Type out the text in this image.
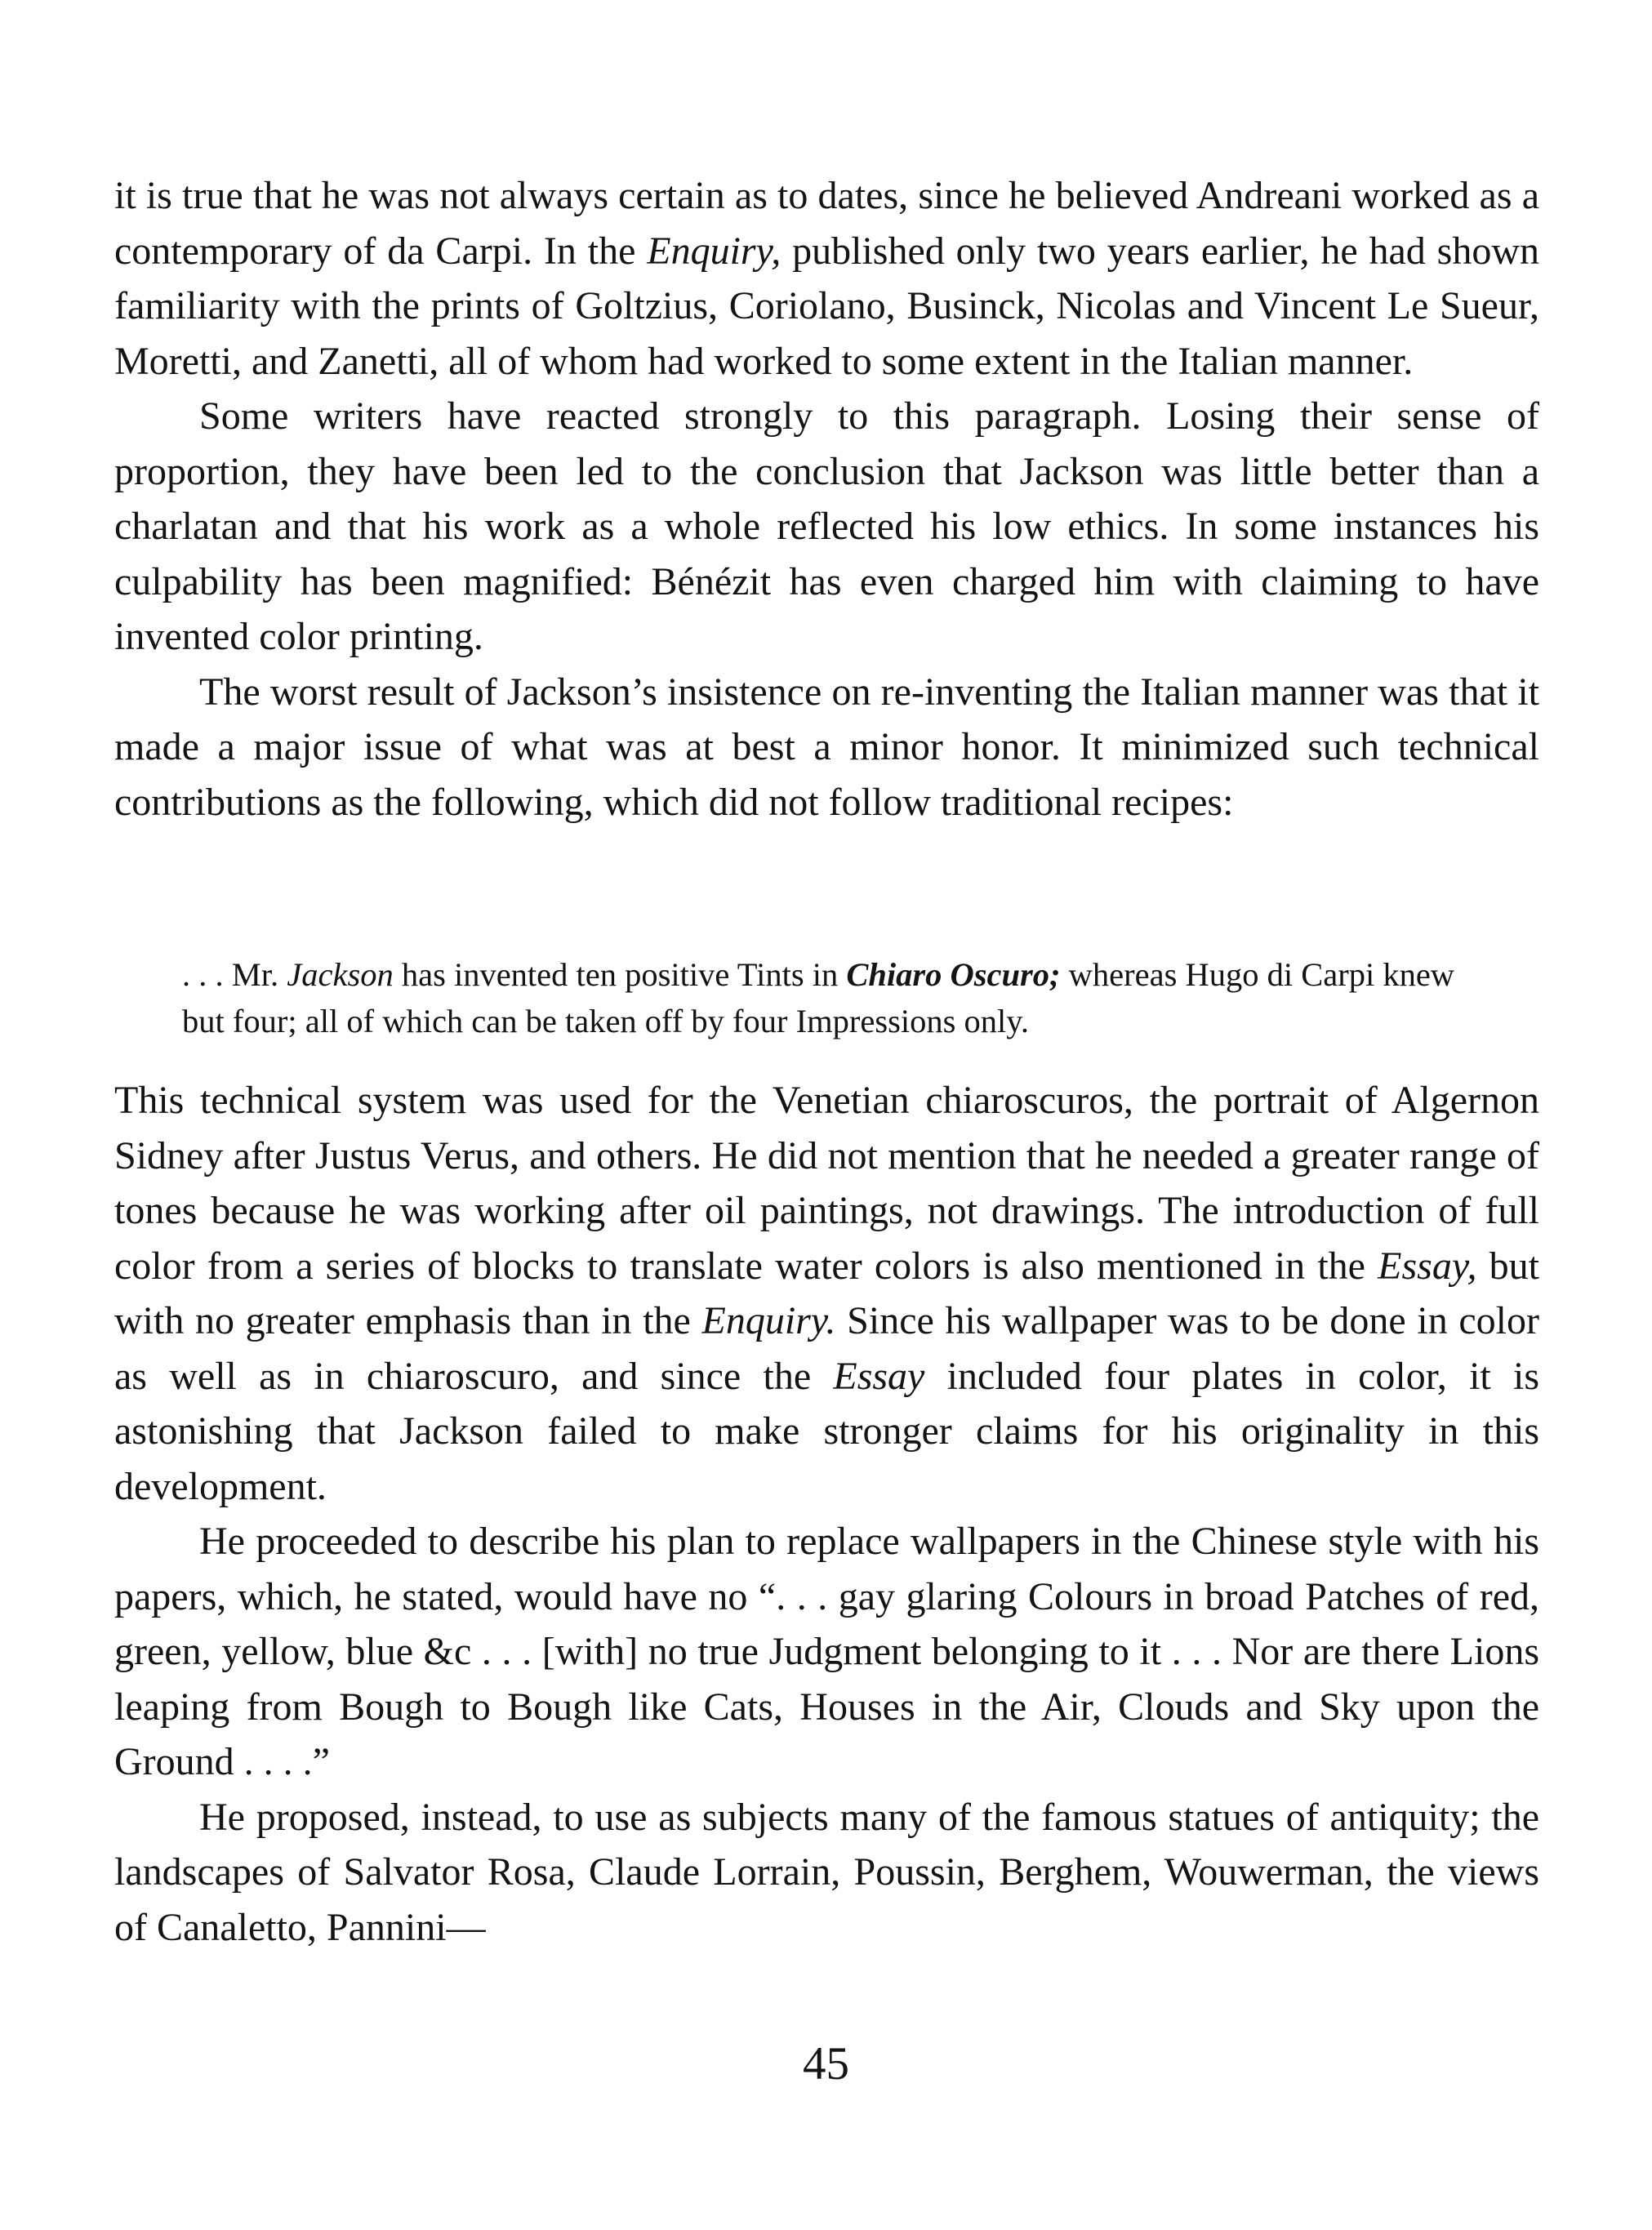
it is true that he was not always certain as to dates, since he believed Andreani worked as a contemporary of da Carpi. In the Enquiry, published only two years earlier, he had shown familiarity with the prints of Goltzius, Coriolano, Businck, Nicolas and Vincent Le Sueur, Moretti, and Zanetti, all of whom had worked to some extent in the Italian manner.

Some writers have reacted strongly to this paragraph. Losing their sense of proportion, they have been led to the conclusion that Jackson was little better than a charlatan and that his work as a whole reflected his low ethics. In some instances his culpability has been magnified: Bénézit has even charged him with claiming to have invented color printing.

The worst result of Jackson’s insistence on re-inventing the Italian manner was that it made a major issue of what was at best a minor honor. It minimized such technical contributions as the following, which did not follow traditional recipes:

. . . Mr. Jackson has invented ten positive Tints in Chiaro Oscuro; whereas Hugo di Carpi knew but four; all of which can be taken off by four Impressions only.

This technical system was used for the Venetian chiaroscuros, the portrait of Algernon Sidney after Justus Verus, and others. He did not mention that he needed a greater range of tones because he was working after oil paintings, not drawings. The introduction of full color from a series of blocks to translate water colors is also mentioned in the Essay, but with no greater emphasis than in the Enquiry. Since his wallpaper was to be done in color as well as in chiaroscuro, and since the Essay included four plates in color, it is astonishing that Jackson failed to make stronger claims for his originality in this development.

He proceeded to describe his plan to replace wallpapers in the Chinese style with his papers, which, he stated, would have no “. . . gay glaring Colours in broad Patches of red, green, yellow, blue &c . . . [with] no true Judgment belonging to it . . . Nor are there Lions leaping from Bough to Bough like Cats, Houses in the Air, Clouds and Sky upon the Ground . . . .”

He proposed, instead, to use as subjects many of the famous statues of antiquity; the landscapes of Salvator Rosa, Claude Lorrain, Poussin, Berghem, Wouwerman, the views of Canaletto, Pannini—

45
